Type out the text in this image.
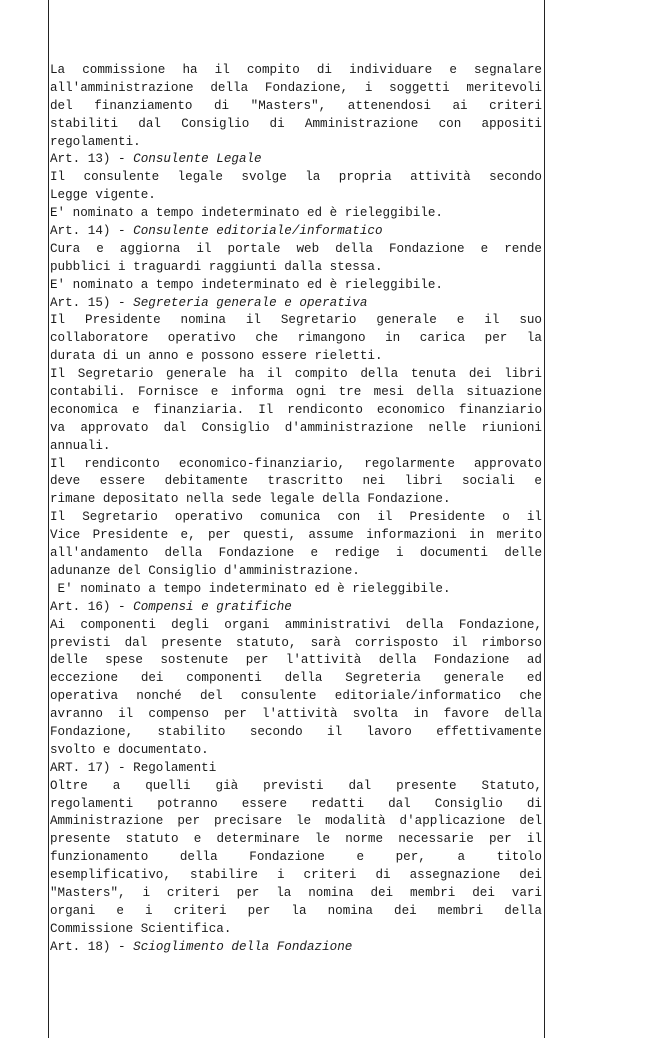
La commissione ha il compito di individuare e segnalare
all'amministrazione della Fondazione, i soggetti meritevoli
del finanziamento di "Masters", attenendosi ai criteri
stabiliti dal Consiglio di Amministrazione con appositi
regolamenti.
Art. 13) - Consulente Legale
Il consulente legale svolge la propria attività secondo
Legge vigente.
E' nominato a tempo indeterminato ed è rieleggibile.
Art. 14) - Consulente editoriale/informatico
Cura e aggiorna il portale web della Fondazione e rende
pubblici i traguardi raggiunti dalla stessa.
E' nominato a tempo indeterminato ed è rieleggibile.
Art. 15) - Segreteria generale e operativa
Il Presidente nomina il Segretario generale e il suo
collaboratore operativo che rimangono in carica per la
durata di un anno e possono essere rieletti.
Il Segretario generale ha il compito della tenuta dei libri
contabili. Fornisce e informa ogni tre mesi della situazione
economica e finanziaria. Il rendiconto economico finanziario
va approvato dal Consiglio d'amministrazione nelle riunioni
annuali.
Il rendiconto economico-finanziario, regolarmente approvato
deve essere debitamente trascritto nei libri sociali e
rimane depositato nella sede legale della Fondazione.
Il Segretario operativo comunica con il Presidente o il
Vice Presidente e, per questi, assume informazioni in merito
all'andamento della Fondazione e redige i documenti delle
adunanze del Consiglio d'amministrazione.
E' nominato a tempo indeterminato ed è rieleggibile.
Art. 16) - Compensi e gratifiche
Ai componenti degli organi amministrativi della Fondazione,
previsti dal presente statuto, sarà corrisposto il rimborso
delle spese sostenute per l'attività della Fondazione ad
eccezione dei componenti della Segreteria generale ed
operativa nonché del consulente editoriale/informatico che
avranno il compenso per l'attività svolta in favore della
Fondazione, stabilito secondo il lavoro effettivamente
svolto e documentato.
ART. 17) - Regolamenti
Oltre a quelli già previsti dal presente Statuto,
regolamenti potranno essere redatti dal Consiglio di
Amministrazione per precisare le modalità d'applicazione del
presente statuto e determinare le norme necessarie per il
funzionamento della Fondazione e per, a titolo
esemplificativo, stabilire i criteri di assegnazione dei
"Masters", i criteri per la nomina dei membri dei vari
organi e i criteri per la nomina dei membri della
Commissione Scientifica.
Art. 18) - Scioglimento della Fondazione
